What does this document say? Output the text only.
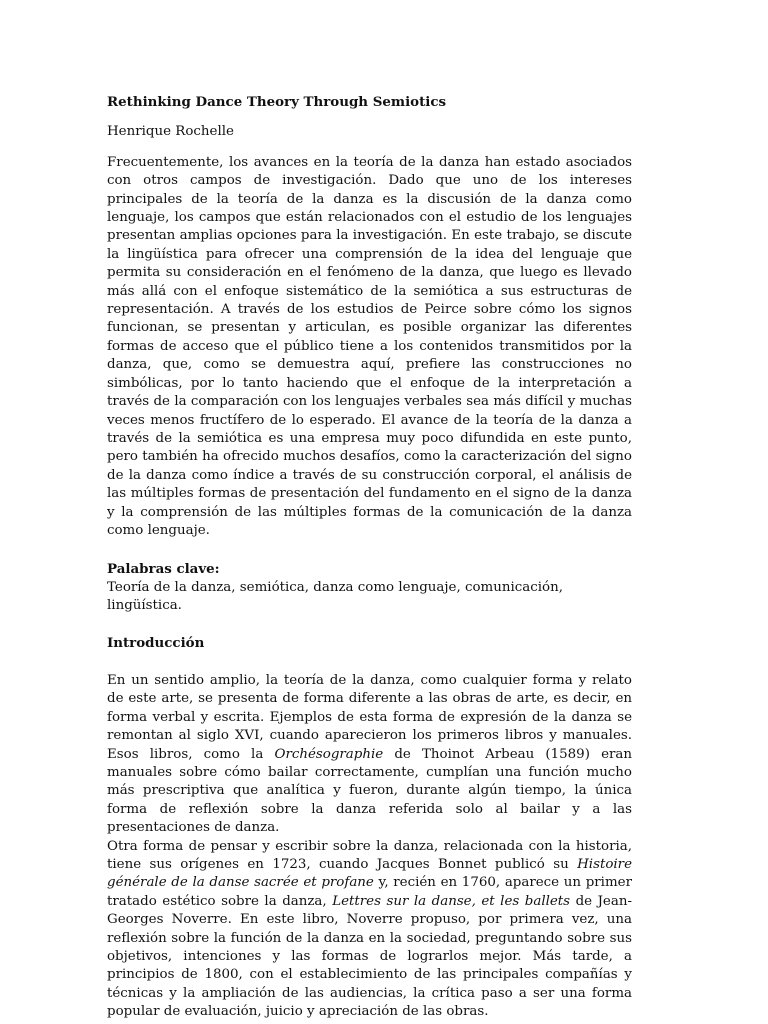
Rethinking Dance Theory Through Semiotics

Henrique Rochelle

Frecuentemente, los avances en la teoría de la danza han estado asociados con otros campos de investigación. Dado que uno de los intereses principales de la teoría de la danza es la discusión de la danza como lenguaje, los campos que están relacionados con el estudio de los lenguajes presentan amplias opciones para la investigación. En este trabajo, se discute la lingüística para ofrecer una comprensión de la idea del lenguaje que permita su consideración en el fenómeno de la danza, que luego es llevado más allá con el enfoque sistemático de la semiótica a sus estructuras de representación. A través de los estudios de Peirce sobre cómo los signos funcionan, se presentan y articulan, es posible organizar las diferentes formas de acceso que el público tiene a los contenidos transmitidos por la danza, que, como se demuestra aquí, prefiere las construcciones no simbólicas, por lo tanto haciendo que el enfoque de la interpretación a través de la comparación con los lenguajes verbales sea más difícil y muchas veces menos fructífero de lo esperado. El avance de la teoría de la danza a través de la semiótica es una empresa muy poco difundida en este punto, pero también ha ofrecido muchos desafíos, como la caracterización del signo de la danza como índice a través de su construcción corporal, el análisis de las múltiples formas de presentación del fundamento en el signo de la danza y la comprensión de las múltiples formas de la comunicación de la danza como lenguaje.

Palabras clave:

Teoría de la danza, semiótica, danza como lenguaje, comunicación, lingüística.

Introducción

En un sentido amplio, la teoría de la danza, como cualquier forma y relato de este arte, se presenta de forma diferente a las obras de arte, es decir, en forma verbal y escrita. Ejemplos de esta forma de expresión de la danza se remontan al siglo XVI, cuando aparecieron los primeros libros y manuales. Esos libros, como la Orchésographie de Thoinot Arbeau (1589) eran manuales sobre cómo bailar correctamente, cumplían una función mucho más prescriptiva que analítica y fueron, durante algún tiempo, la única forma de reflexión sobre la danza referida solo al bailar y a las presentaciones de danza.

Otra forma de pensar y escribir sobre la danza, relacionada con la historia, tiene sus orígenes en 1723, cuando Jacques Bonnet publicó su Histoire générale de la danse sacrée et profane y, recién en 1760, aparece un primer tratado estético sobre la danza, Lettres sur la danse, et les ballets de Jean-Georges Noverre. En este libro, Noverre propuso, por primera vez, una reflexión sobre la función de la danza en la sociedad, preguntando sobre sus objetivos, intenciones y las formas de lograrlos mejor. Más tarde, a principios de 1800, con el establecimiento de las principales compañías y técnicas y la ampliación de las audiencias, la crítica paso a ser una forma popular de evaluación, juicio y apreciación de las obras.
